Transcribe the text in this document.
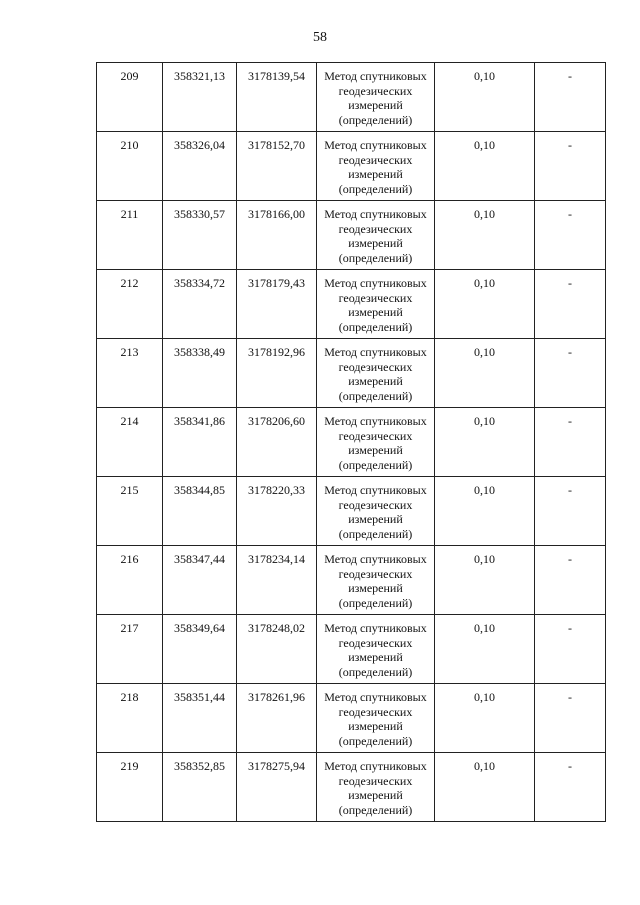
58
209	358321,13	3178139,54	Метод спутниковых
геодезических
измерений
(определений)	0,10	-
210	358326,04	3178152,70	Метод спутниковых
геодезических
измерений
(определений)	0,10	-
211	358330,57	3178166,00	Метод спутниковых
геодезических
измерений
(определений)	0,10	-
212	358334,72	3178179,43	Метод спутниковых
геодезических
измерений
(определений)	0,10	-
213	358338,49	3178192,96	Метод спутниковых
геодезических
измерений
(определений)	0,10	-
214	358341,86	3178206,60	Метод спутниковых
геодезических
измерений
(определений)	0,10	-
215	358344,85	3178220,33	Метод спутниковых
геодезических
измерений
(определений)	0,10	-
216	358347,44	3178234,14	Метод спутниковых
геодезических
измерений
(определений)	0,10	-
217	358349,64	3178248,02	Метод спутниковых
геодезических
измерений
(определений)	0,10	-
218	358351,44	3178261,96	Метод спутниковых
геодезических
измерений
(определений)	0,10	-
219	358352,85	3178275,94	Метод спутниковых
геодезических
измерений
(определений)	0,10	-
